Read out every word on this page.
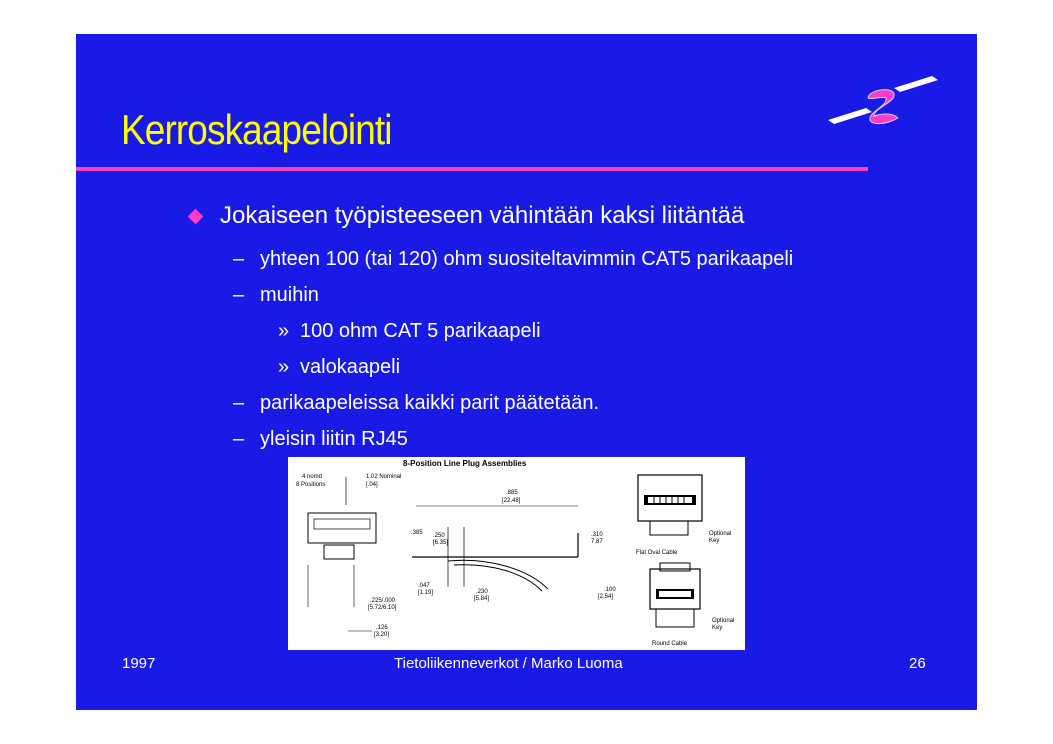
Kerroskaapelointi
Jokaiseen työpisteeseen vähintään kaksi liitäntää
– yhteen 100 (tai 120) ohm suositeltavimmin CAT5 parikaapeli
– muihin
» 100 ohm CAT 5 parikaapeli
» valokaapeli
– parikaapeleissa kaikki parit päätetään.
– yleisin liitin RJ45
8-Position Line Plug Assemblies
4 nomd
8 Positions
1.02 Nominal
[.04]
.885
[22.48]
.385 .250
[6.35]
.310
7.87
.047
[1.19]	.230
[5.84]
.225/.000
[5.72/6.10]
.126
[3.20]
.100
[2.54]
Optional
Key
Flat Oval Cable
Optional
Key
Round Cable
1997	Tietoliikenneverkot / Marko Luoma	26
